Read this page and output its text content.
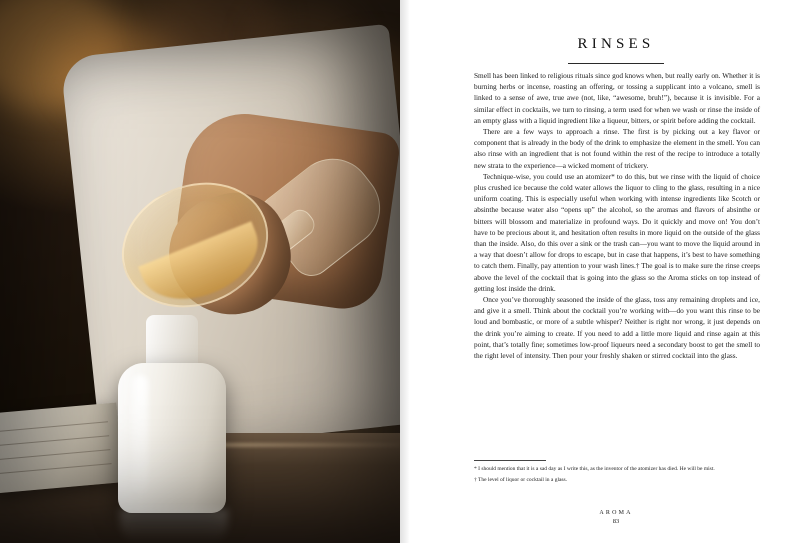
RINSES

Smell has been linked to religious rituals since god knows when, but really early on. Whether it is burning herbs or incense, roasting an offering, or tossing a supplicant into a volcano, smell is linked to a sense of awe, true awe (not, like, “awesome, bruh!”), because it is invisible. For a similar effect in cocktails, we turn to rinsing, a term used for when we wash or rinse the inside of an empty glass with a liquid ingredient like a liqueur, bitters, or spirit before adding the cocktail.

There are a few ways to approach a rinse. The first is by picking out a key flavor or component that is already in the body of the drink to emphasize the element in the smell. You can also rinse with an ingredient that is not found within the rest of the recipe to introduce a totally new strata to the experience—a wicked moment of trickery.

Technique-wise, you could use an atomizer* to do this, but we rinse with the liquid of choice plus crushed ice because the cold water allows the liquor to cling to the glass, resulting in a nice uniform coating. This is especially useful when working with intense ingredients like Scotch or absinthe because water also “opens up” the alcohol, so the aromas and flavors of absinthe or bitters will blossom and materialize in profound ways. Do it quickly and move on! You don’t have to be precious about it, and hesitation often results in more liquid on the outside of the glass than the inside. Also, do this over a sink or the trash can—you want to move the liquid around in a way that doesn’t allow for drops to escape, but in case that happens, it’s best to have something to catch them. Finally, pay attention to your wash lines.† The goal is to make sure the rinse creeps above the level of the cocktail that is going into the glass so the Aroma sticks on top instead of getting lost inside the drink.

Once you’ve thoroughly seasoned the inside of the glass, toss any remaining droplets and ice, and give it a smell. Think about the cocktail you’re working with—do you want this rinse to be loud and bombastic, or more of a subtle whisper? Neither is right nor wrong, it just depends on the drink you’re aiming to create. If you need to add a little more liquid and rinse again at this point, that’s totally fine; sometimes low-proof liqueurs need a secondary boost to get the smell to the right level of intensity. Then pour your freshly shaken or stirred cocktail into the glass.

* I should mention that it is a sad day as I write this, as the inventor of the atomizer has died. He will be mist.

† The level of liquor or cocktail in a glass.

AROMA
83
